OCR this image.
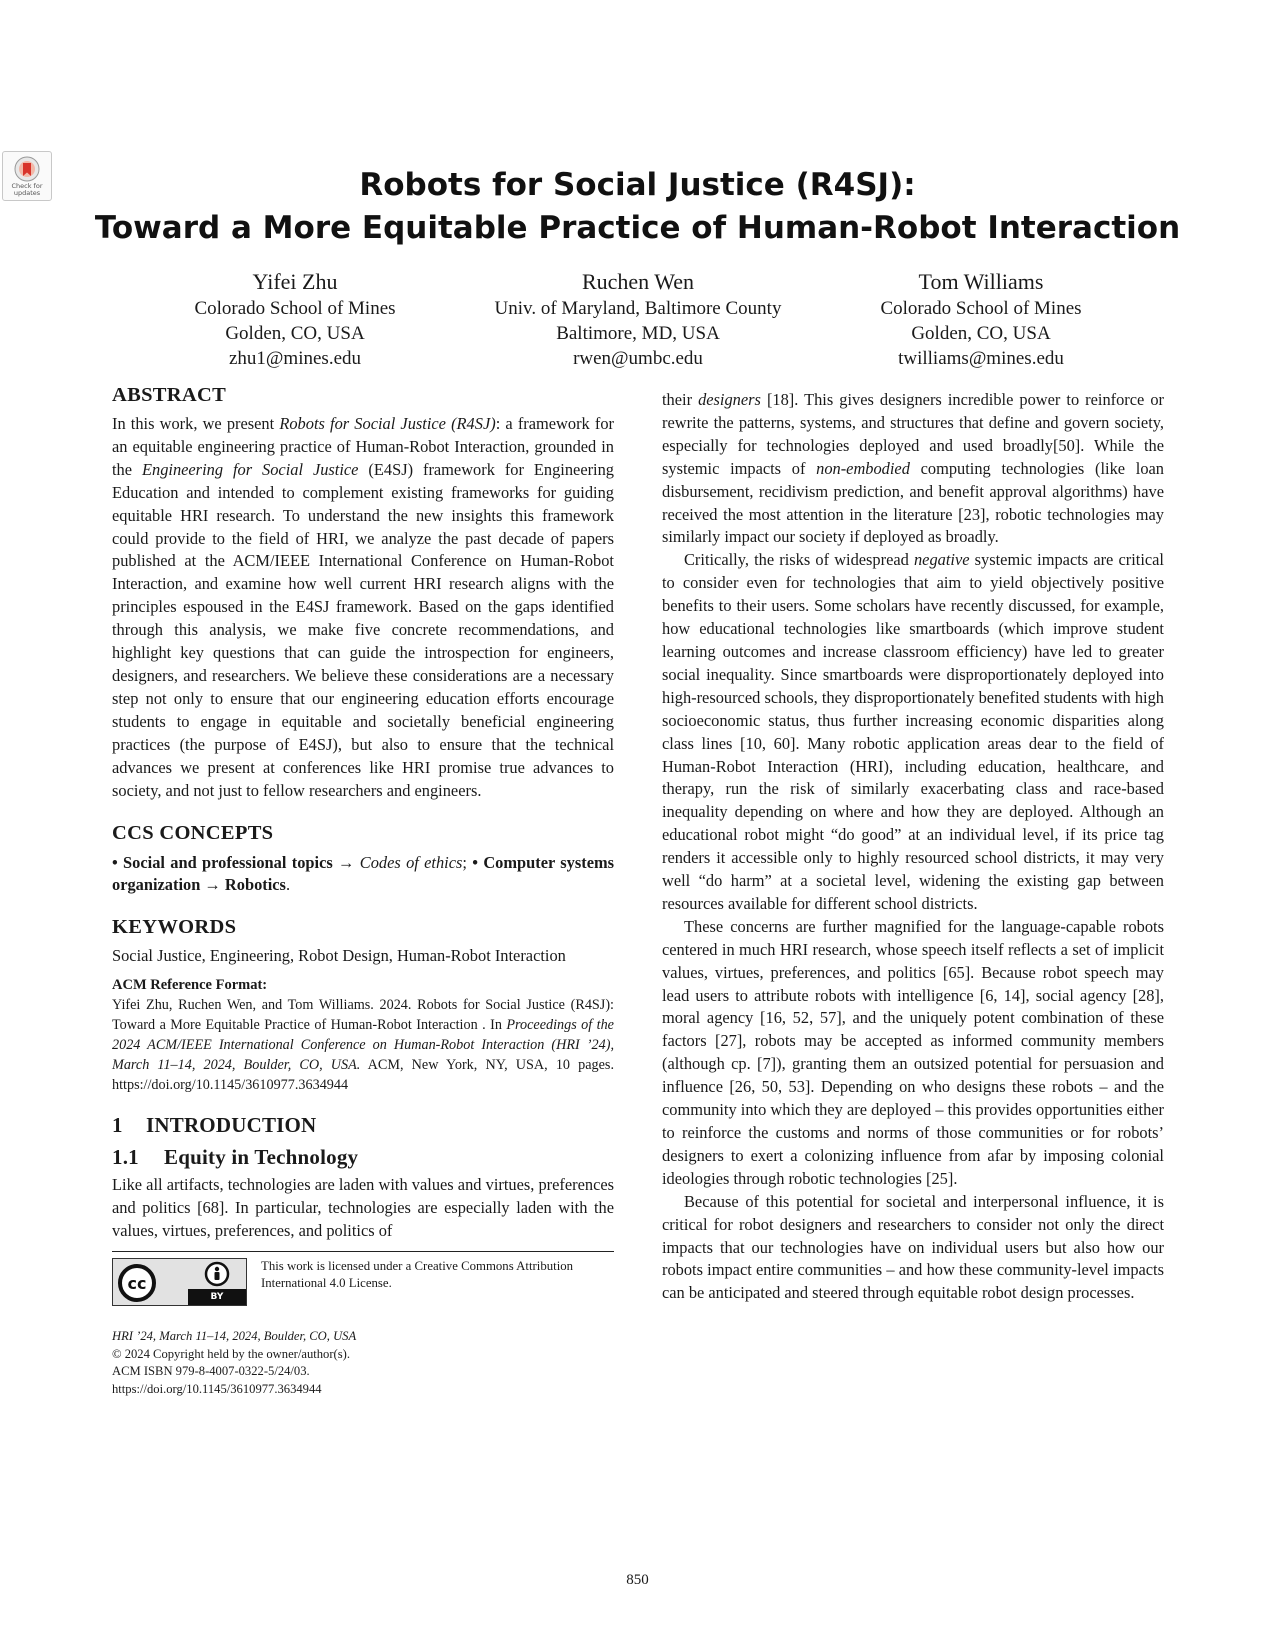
Check for
updates	Robots for Social Justice (R4SJ):
Toward a More Equitable Practice of Human-Robot Interaction
Yifei Zhu
Colorado School of Mines
Golden, CO, USA
zhu1@mines.edu
Ruchen Wen
Univ. of Maryland, Baltimore County
Baltimore, MD, USA
rwen@umbc.edu
Tom Williams
Colorado School of Mines
Golden, CO, USA
twilliams@mines.edu
ABSTRACT

In this work, we present Robots for Social Justice (R4SJ): a framework for an equitable engineering practice of Human-Robot Interaction, grounded in the Engineering for Social Justice (E4SJ) framework for Engineering Education and intended to complement existing frameworks for guiding equitable HRI research. To understand the new insights this framework could provide to the field of HRI, we analyze the past decade of papers published at the ACM/IEEE International Conference on Human-Robot Interaction, and examine how well current HRI research aligns with the principles espoused in the E4SJ framework. Based on the gaps identified through this analysis, we make five concrete recommendations, and highlight key questions that can guide the introspection for engineers, designers, and researchers. We believe these considerations are a necessary step not only to ensure that our engineering education efforts encourage students to engage in equitable and societally beneficial engineering practices (the purpose of E4SJ), but also to ensure that the technical advances we present at conferences like HRI promise true advances to society, and not just to fellow researchers and engineers.

CCS CONCEPTS

• Social and professional topics → Codes of ethics; • Computer systems organization → Robotics.

KEYWORDS

Social Justice, Engineering, Robot Design, Human-Robot Interaction

ACM Reference Format:

Yifei Zhu, Ruchen Wen, and Tom Williams. 2024. Robots for Social Justice (R4SJ): Toward a More Equitable Practice of Human-Robot Interaction . In Proceedings of the 2024 ACM/IEEE International Conference on Human-Robot Interaction (HRI ’24), March 11–14, 2024, Boulder, CO, USA. ACM, New York, NY, USA, 10 pages. https://doi.org/10.1145/3610977.3634944

1 INTRODUCTION
1.1 Equity in Technology

Like all artifacts, technologies are laden with values and virtues, preferences and politics [68]. In particular, technologies are especially laden with the values, virtues, preferences, and politics of

cc
BY
This work is licensed under a Creative Commons Attribution International 4.0 License.
HRI ’24, March 11–14, 2024, Boulder, CO, USA
© 2024 Copyright held by the owner/author(s).
ACM ISBN 979-8-4007-0322-5/24/03.
https://doi.org/10.1145/3610977.3634944

their designers [18]. This gives designers incredible power to reinforce or rewrite the patterns, systems, and structures that define and govern society, especially for technologies deployed and used broadly[50]. While the systemic impacts of non-embodied computing technologies (like loan disbursement, recidivism prediction, and benefit approval algorithms) have received the most attention in the literature [23], robotic technologies may similarly impact our society if deployed as broadly.

Critically, the risks of widespread negative systemic impacts are critical to consider even for technologies that aim to yield objectively positive benefits to their users. Some scholars have recently discussed, for example, how educational technologies like smartboards (which improve student learning outcomes and increase classroom efficiency) have led to greater social inequality. Since smartboards were disproportionately deployed into high-resourced schools, they disproportionately benefited students with high socioeconomic status, thus further increasing economic disparities along class lines [10, 60]. Many robotic application areas dear to the field of Human-Robot Interaction (HRI), including education, healthcare, and therapy, run the risk of similarly exacerbating class and race-based inequality depending on where and how they are deployed. Although an educational robot might “do good” at an individual level, if its price tag renders it accessible only to highly resourced school districts, it may very well “do harm” at a societal level, widening the existing gap between resources available for different school districts.

These concerns are further magnified for the language-capable robots centered in much HRI research, whose speech itself reflects a set of implicit values, virtues, preferences, and politics [65]. Because robot speech may lead users to attribute robots with intelligence [6, 14], social agency [28], moral agency [16, 52, 57], and the uniquely potent combination of these factors [27], robots may be accepted as informed community members (although cp. [7]), granting them an outsized potential for persuasion and influence [26, 50, 53]. Depending on who designs these robots – and the community into which they are deployed – this provides opportunities either to reinforce the customs and norms of those communities or for robots’ designers to exert a colonizing influence from afar by imposing colonial ideologies through robotic technologies [25].

Because of this potential for societal and interpersonal influence, it is critical for robot designers and researchers to consider not only the direct impacts that our technologies have on individual users but also how our robots impact entire communities – and how these community-level impacts can be anticipated and steered through equitable robot design processes.

850
